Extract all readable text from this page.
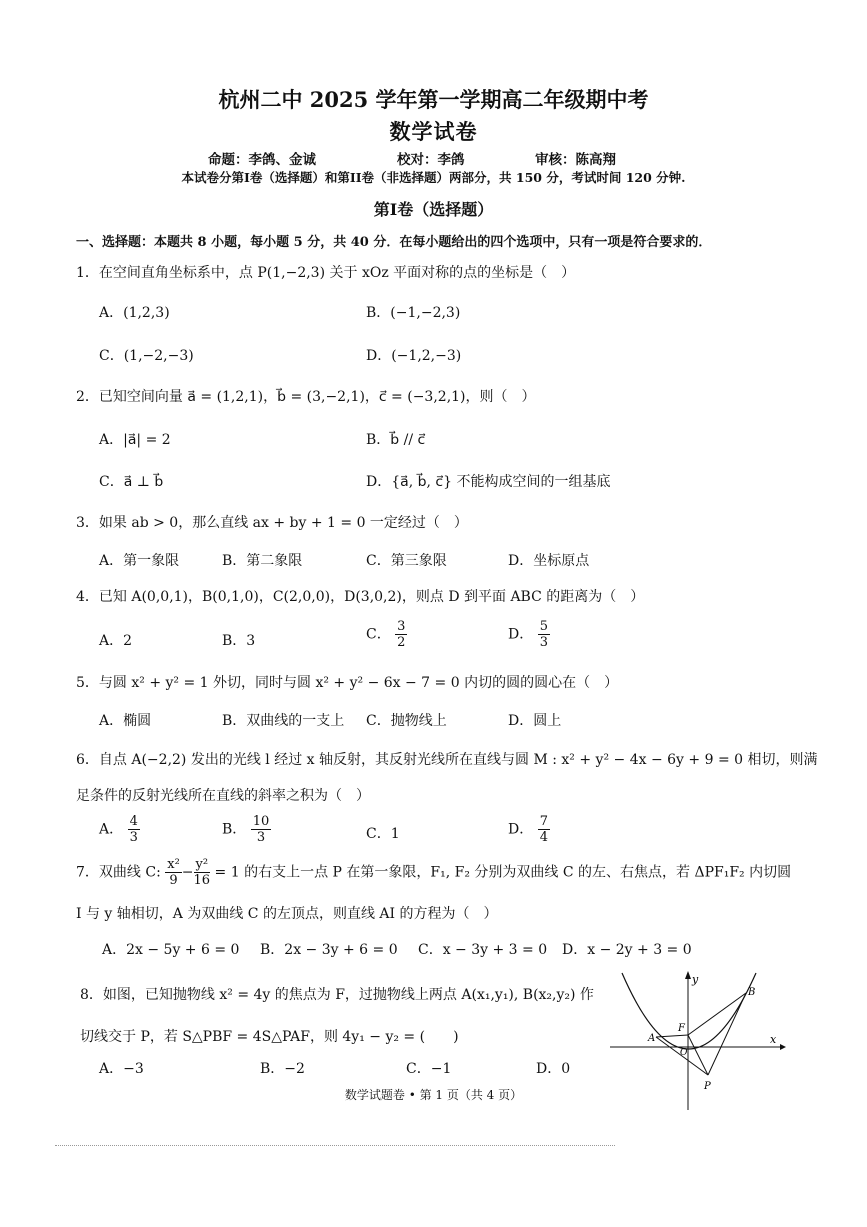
杭州二中 2025 学年第一学期高二年级期中考
数学试卷
命题：李鸽、金诚	校对：李鸽	审核：陈高翔
本试卷分第I卷（选择题）和第II卷（非选择题）两部分，共 150 分，考试时间 120 分钟.
第I卷（选择题）
一、选择题：本题共 8 小题，每小题 5 分，共 40 分．在每小题给出的四个选项中，只有一项是符合要求的．
1．在空间直角坐标系中，点 P(1,−2,3) 关于 xOz 平面对称的点的坐标是（　）
A．(1,2,3)	B．(−1,−2,3)
C．(1,−2,−3)	D．(−1,2,−3)
2．已知空间向量 a⃗ = (1,2,1)，b⃗ = (3,−2,1)，c⃗ = (−3,2,1)，则（　）
A．|a⃗| = 2	B．b⃗ // c⃗
C．a⃗ ⊥ b⃗	D．{a⃗, b⃗, c⃗} 不能构成空间的一组基底
3．如果 ab > 0，那么直线 ax + by + 1 = 0 一定经过（　）
A．第一象限	B．第二象限	C．第三象限	D．坐标原点
4．已知 A(0,0,1)，B(0,1,0)，C(2,0,0)，D(3,0,2)，则点 D 到平面 ABC 的距离为（　）
A．2	B．3	C． $\frac{3}{2}$	D． $\frac{5}{3}$
5．与圆 x² + y² = 1 外切，同时与圆 x² + y² − 6x − 7 = 0 内切的圆的圆心在（　）
A．椭圆	B．双曲线的一支上 C．抛物线上	D．圆上
6．自点 A(−2,2) 发出的光线 l 经过 x 轴反射，其反射光线所在直线与圆 M : x² + y² − 4x − 6y + 9 = 0 相切，则满
足条件的反射光线所在直线的斜率之积为（　）
A． $\frac{4}{3}$	B． $\frac{10}{3}$	C．1	D． $\frac{7}{4}$
7．双曲线 C: $\frac{\text{x²}}{9} - \frac{\text{y²}}{16} = 1$ 的右支上一点 P 在第一象限，F₁, F₂ 分别为双曲线 C 的左、右焦点，若 ΔPF₁F₂ 内切圆
I 与 y 轴相切，A 为双曲线 C 的左顶点，则直线 AI 的方程为（　）
A．2x − 5y + 6 = 0 B．2x − 3y + 6 = 0 C．x − 3y + 3 = 0 D．x − 2y + 3 = 0
8．如图，已知抛物线 x² = 4y 的焦点为 F，过抛物线上两点 A(x₁,y₁), B(x₂,y₂) 作
切线交于 P，若 S△PBF = 4S△PAF，则 4y₁ − y₂ = (　　)
A．−3	B．−2	C．−1	D．0
y
x
A
B
F
O
P
数学试题卷 • 第 1 页（共 4 页）
